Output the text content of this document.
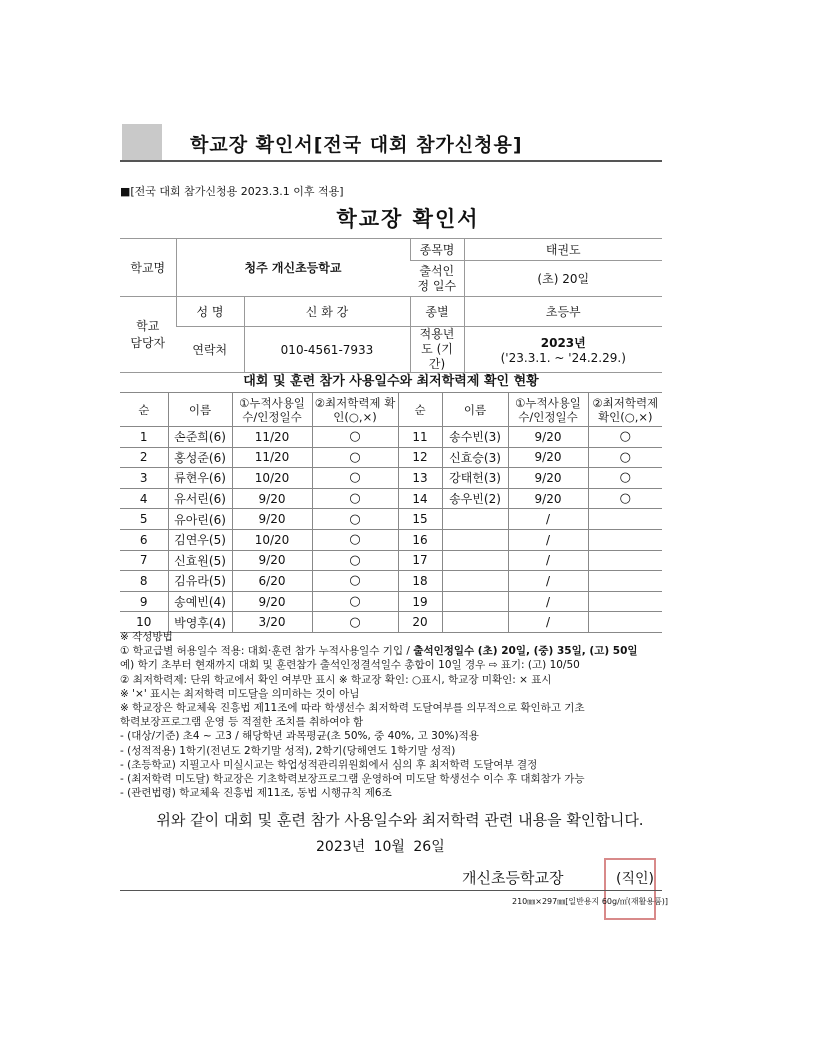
학교장 확인서[전국 대회 참가신청용]
■[전국 대회 참가신청용 2023.3.1 이후 적용]
학교장 확인서
학교명	청주 개신초등학교		종목명	태권도
			출석인정 일수	(초) 20일
학교 담당자	성 명	신 화 강	종별	초등부
	연락처	010-4561-7933	적용년도 (기간)	2023년
('23.3.1. ~ '24.2.29.)
대회 및 훈련 참가 사용일수와 최저학력제 확인 현황
순	이름	①누적사용일수/인정일수	②최저학력제 확인(○,×)	순	이름	①누적사용일수/인정일수	②최저학력제 확인(○,×)
1	손준희(6)	11/20	○	11	송수빈(3)	9/20	○
2	홍성준(6)	11/20	○	12	신효승(3)	9/20	○
3	류현우(6)	10/20	○	13	강태헌(3)	9/20	○
4	유서린(6)	9/20	○	14	송우빈(2)	9/20	○
5	유아린(6)	9/20	○	15		/	
6	김연우(5)	10/20	○	16		/	
7	신효원(5)	9/20	○	17		/	
8	김유라(5)	6/20	○	18		/	
9	송예빈(4)	9/20	○	19		/	
10	박영후(4)	3/20	○	20		/	
※ 작성방법
① 학교급별 허용일수 적용: 대회·훈련 참가 누적사용일수 기입 / 출석인정일수 (초) 20일, (중) 35일, (고) 50일
예) 학기 초부터 현재까지 대회 및 훈련참가 출석인정결석일수 총합이 10일 경우 ⇨ 표기: (고) 10/50
② 최저학력제: 단위 학교에서 확인 여부만 표시 ※ 학교장 확인: ○표시, 학교장 미확인: × 표시
※ '×' 표시는 최저학력 미도달을 의미하는 것이 아님
※ 학교장은 학교체육 진흥법 제11조에 따라 학생선수 최저학력 도달여부를 의무적으로 확인하고 기초
학력보장프로그램 운영 등 적절한 조치를 취하여야 함
- (대상/기준) 초4 ~ 고3 / 해당학년 과목평균(초 50%, 중 40%, 고 30%)적용
- (성적적용) 1학기(전년도 2학기말 성적), 2학기(당해연도 1학기말 성적)
- (초등학교) 지필고사 미실시교는 학업성적관리위원회에서 심의 후 최저학력 도달여부 결정
- (최저학력 미도달) 학교장은 기초학력보장프로그램 운영하여 미도달 학생선수 이수 후 대회참가 가능
- (관련법령) 학교체육 진흥법 제11조, 동법 시행규칙 제6조
위와 같이 대회 및 훈련 참가 사용일수와 최저학력 관련 내용을 확인합니다.
2023년 10월 26일
개신초등학교장	(직인)
210㎜×297㎜[일반용지 60g/㎡(재활용품)]
